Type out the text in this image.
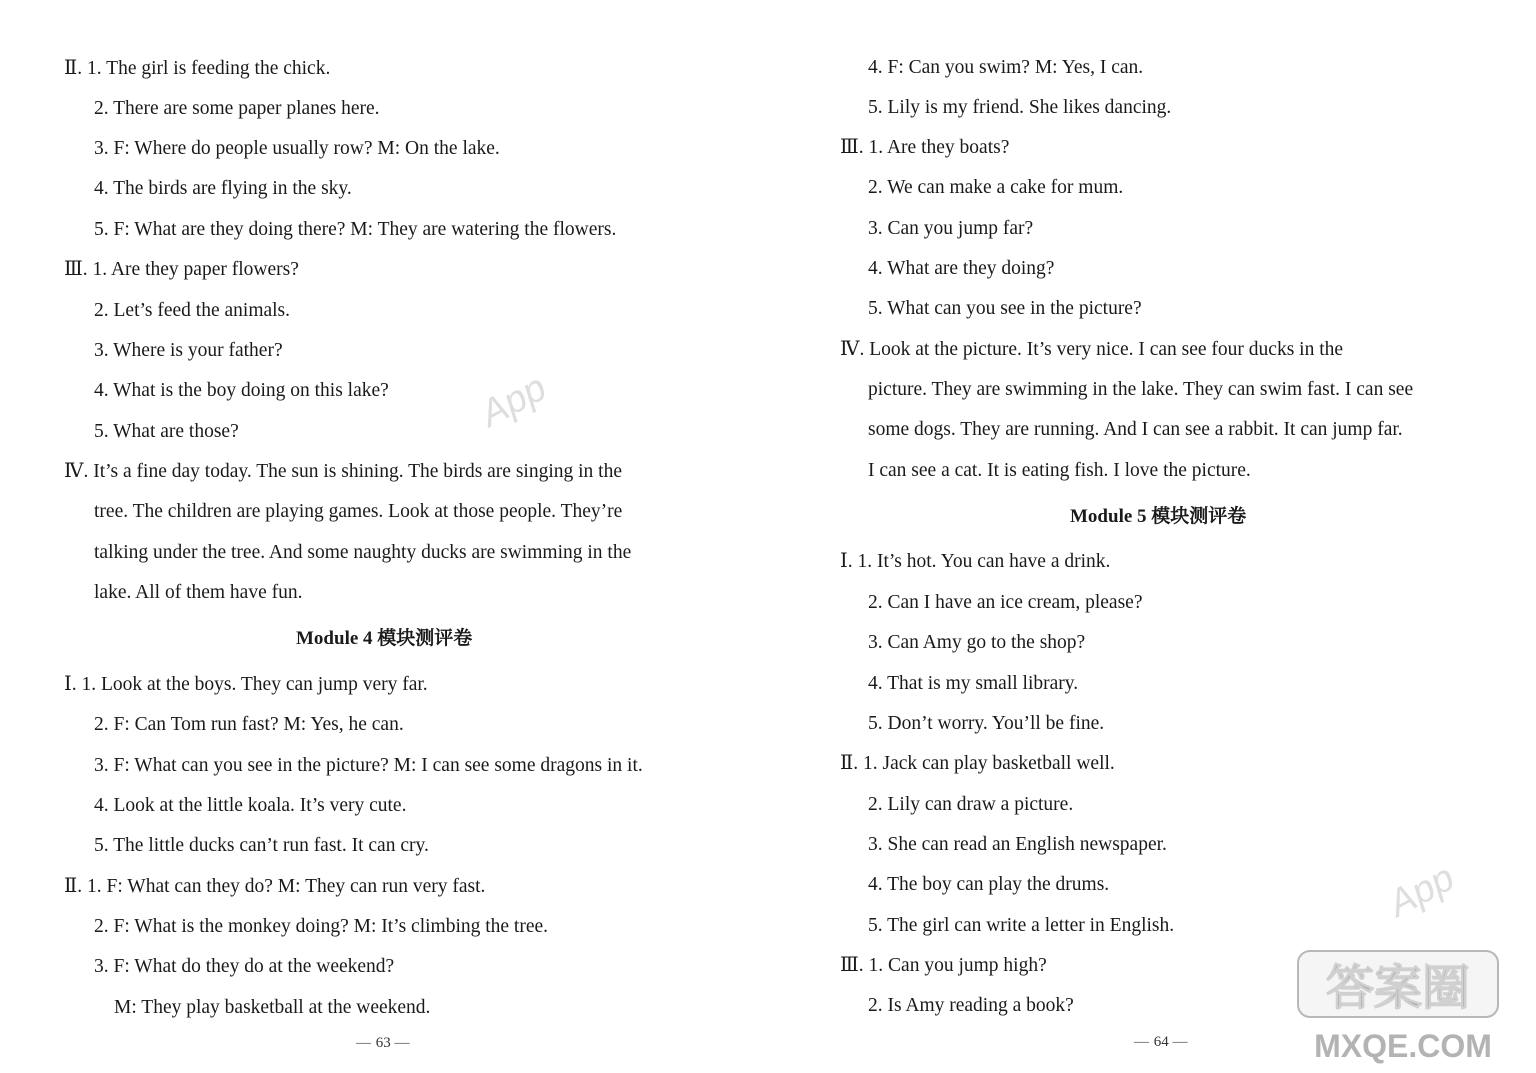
Ⅱ. 1. The girl is feeding the chick.
2. There are some paper planes here.
3. F: Where do people usually row? M: On the lake.
4. The birds are flying in the sky.
5. F: What are they doing there? M: They are watering the flowers.
Ⅲ. 1. Are they paper flowers?
2. Let’s feed the animals.
3. Where is your father?
4. What is the boy doing on this lake?
5. What are those?
Ⅳ. It’s a fine day today. The sun is shining. The birds are singing in the
tree. The children are playing games. Look at those people. They’re
talking under the tree. And some naughty ducks are swimming in the
lake. All of them have fun.
Module 4 模块测评卷
Ⅰ. 1. Look at the boys. They can jump very far.
2. F: Can Tom run fast? M: Yes, he can.
3. F: What can you see in the picture? M: I can see some dragons in it.
4. Look at the little koala. It’s very cute.
5. The little ducks can’t run fast. It can cry.
Ⅱ. 1. F: What can they do? M: They can run very fast.
2. F: What is the monkey doing? M: It’s climbing the tree.
3. F: What do they do at the weekend?
M: They play basketball at the weekend.
— 63 —
App
4. F: Can you swim? M: Yes, I can.
5. Lily is my friend. She likes dancing.
Ⅲ. 1. Are they boats?
2. We can make a cake for mum.
3. Can you jump far?
4. What are they doing?
5. What can you see in the picture?
Ⅳ. Look at the picture. It’s very nice. I can see four ducks in the
picture. They are swimming in the lake. They can swim fast. I can see
some dogs. They are running. And I can see a rabbit. It can jump far.
I can see a cat. It is eating fish. I love the picture.
Module 5 模块测评卷
Ⅰ. 1. It’s hot. You can have a drink.
2. Can I have an ice cream, please?
3. Can Amy go to the shop?
4. That is my small library.
5. Don’t worry. You’ll be fine.
Ⅱ. 1. Jack can play basketball well.
2. Lily can draw a picture.
3. She can read an English newspaper.
4. The boy can play the drums.
5. The girl can write a letter in English.
Ⅲ. 1. Can you jump high?
2. Is Amy reading a book?
— 64 —
App
答案圈
MXQE.COM
